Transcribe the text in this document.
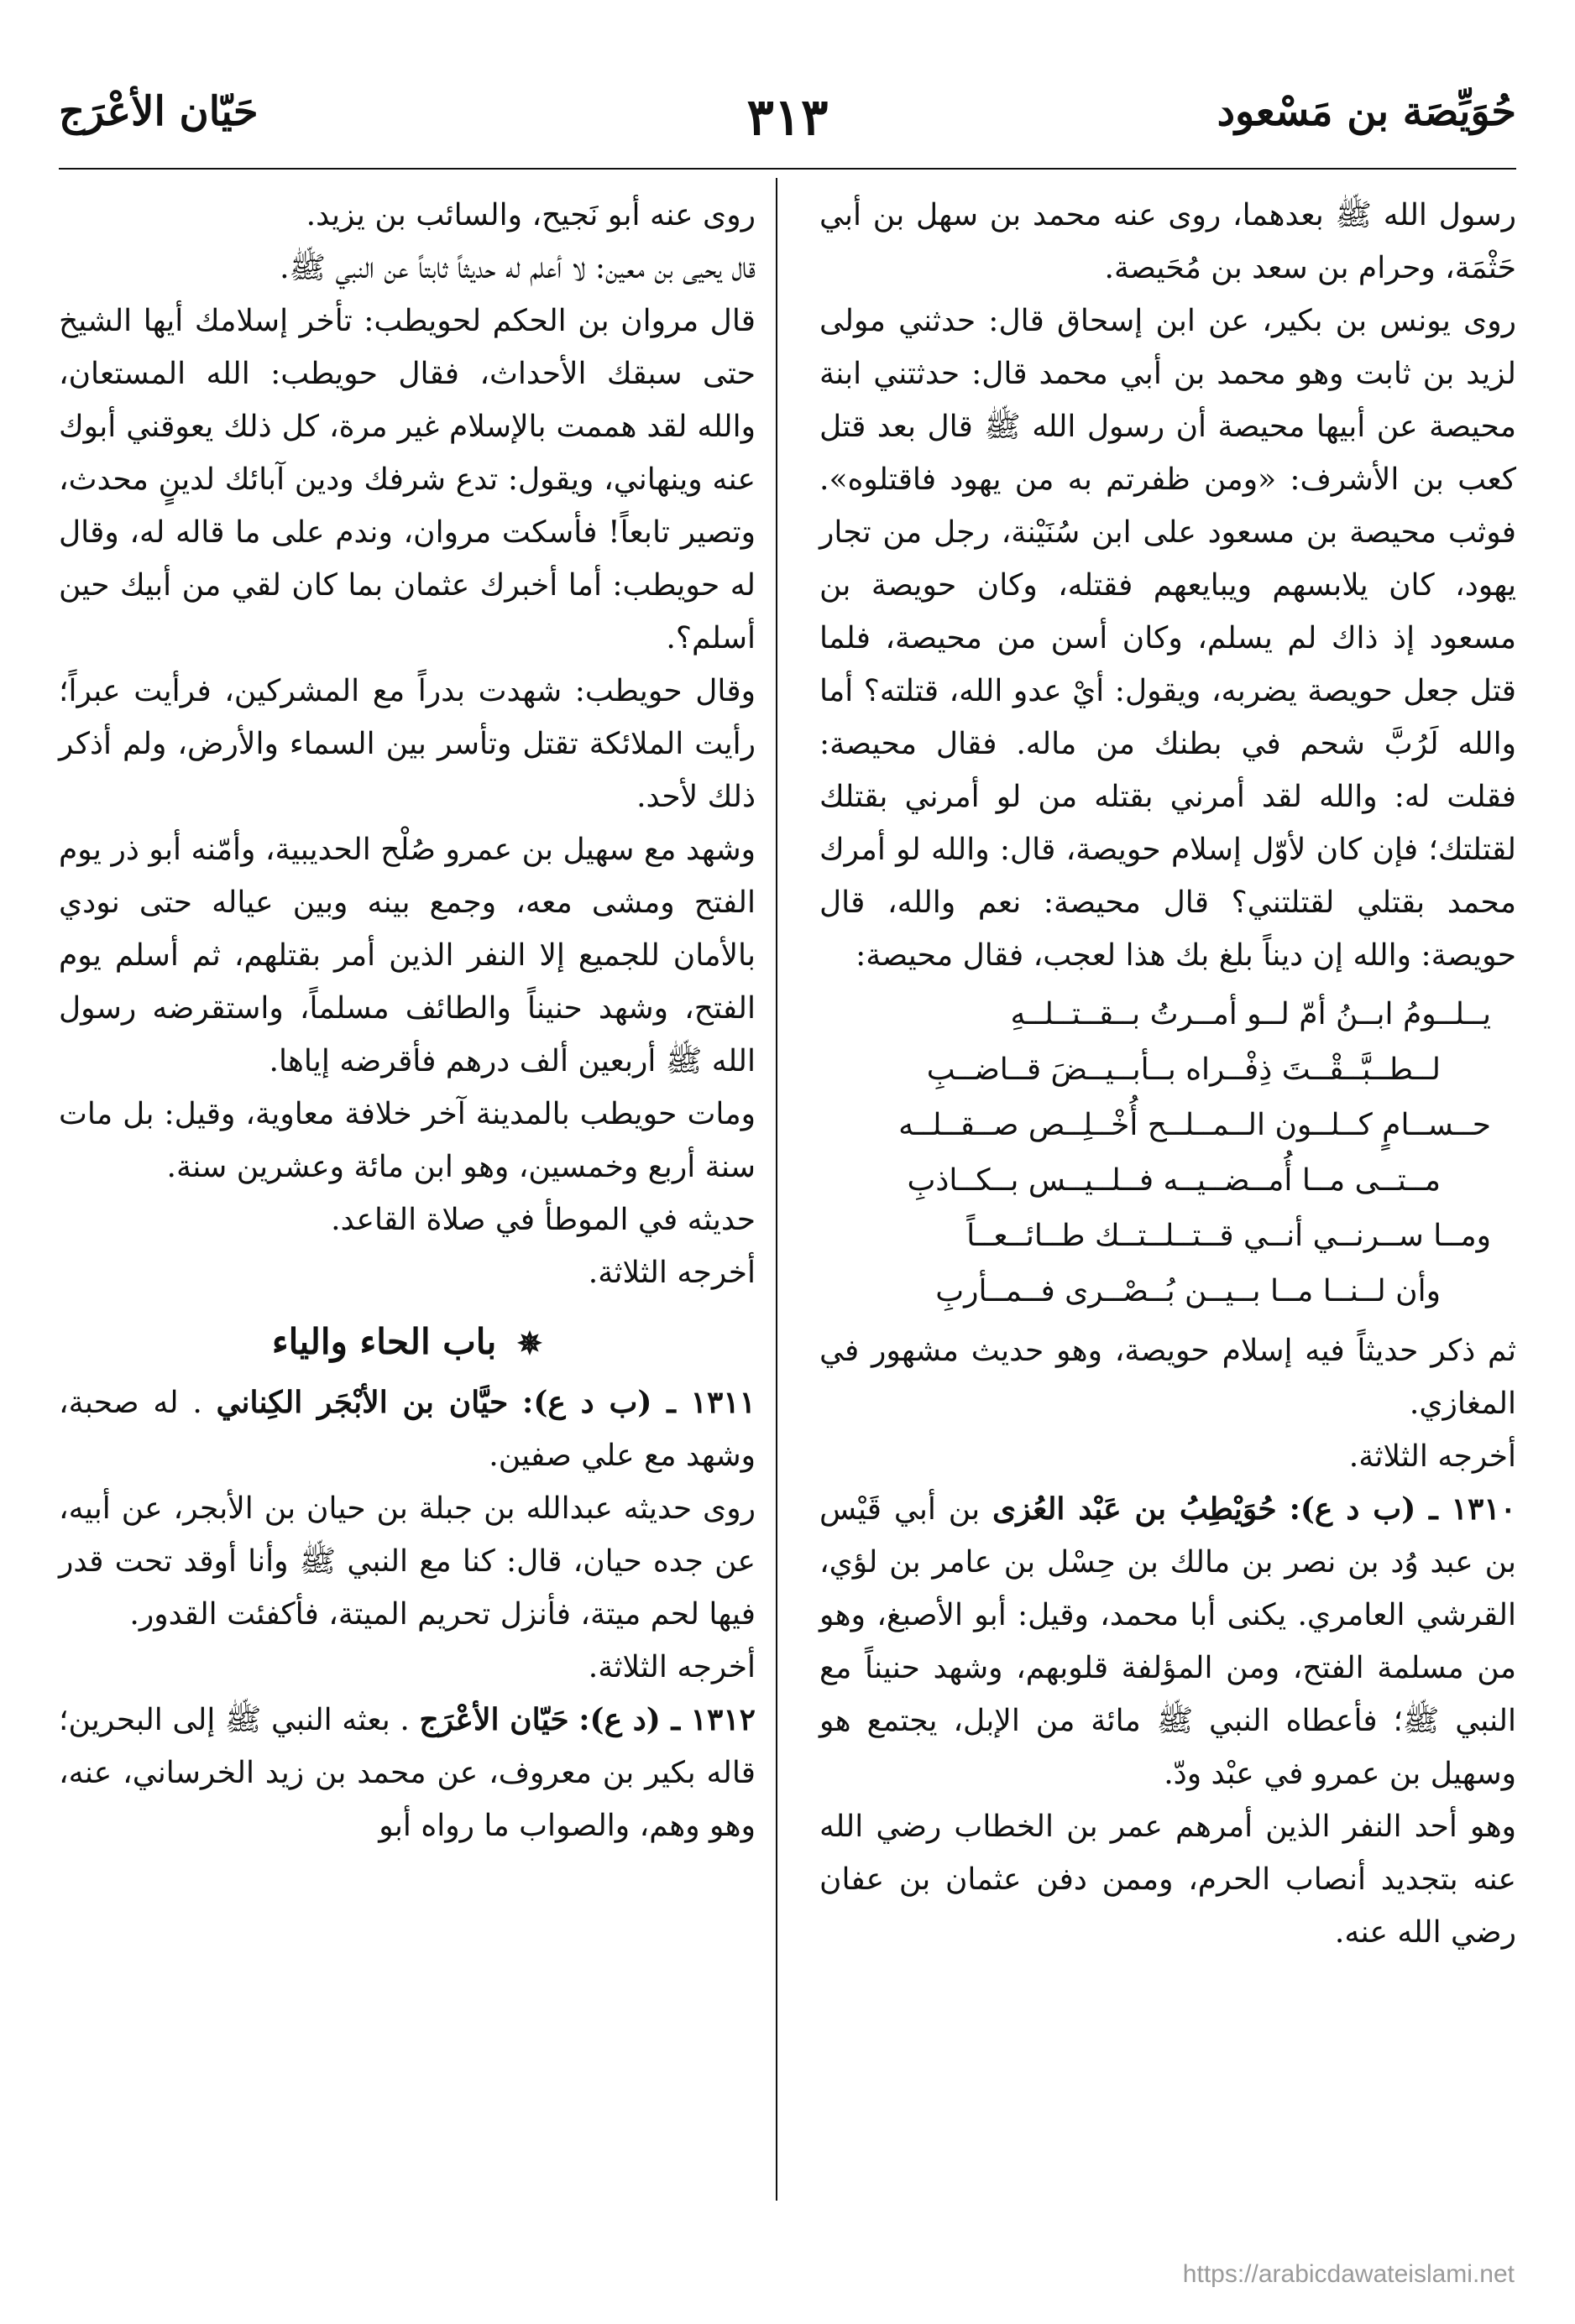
حُوَيِّصَة بن مَسْعود
٣١٣
حَيّان الأعْرَج

رسول الله ﷺ بعدهما، روى عنه محمد بن سهل بن أبي حَثْمَة، وحرام بن سعد بن مُحَيصة.

روى يونس بن بكير، عن ابن إسحاق قال: حدثني مولى لزيد بن ثابت وهو محمد بن أبي محمد قال: حدثتني ابنة محيصة عن أبيها محيصة أن رسول الله ﷺ قال بعد قتل كعب بن الأشرف: «ومن ظفرتم به من يهود فاقتلوه». فوثب محيصة بن مسعود على ابن سُنَيْنة، رجل من تجار يهود، كان يلابسهم ويبايعهم فقتله، وكان حويصة بن مسعود إذ ذاك لم يسلم، وكان أسن من محيصة، فلما قتل جعل حويصة يضربه، ويقول: أيْ عدو الله، قتلته؟ أما والله لَرُبَّ شحم في بطنك من ماله. فقال محيصة: فقلت له: والله لقد أمرني بقتله من لو أمرني بقتلك لقتلتك؛ فإن كان لأوّل إسلام حويصة، قال: والله لو أمرك محمد بقتلي لقتلتني؟ قال محيصة: نعم والله، قال حويصة: والله إن ديناً بلغ بك هذا لعجب، فقال محيصة:

يــلــومُ ابــنُ أمّ لــو أمــرتُ بــقــتــلــهِ
لــطــبَّــقْــتَ ذِفْــراه بــأبــيــضَ قــاضــبِ
حــســامٍ كــلــون الــمــلــح أُخْــلِــص صــقــلــه
مــتــى مــا أُمــضــيــه فــلــيــس بــكــاذبِ
ومــا ســرنــي أنــي قــتــلــتــك طــائــعــاً
وأن لــنــا مــا بــيــن بُــصْــرى فــمــأربِ

ثم ذكر حديثاً فيه إسلام حويصة، وهو حديث مشهور في المغازي.

أخرجه الثلاثة.

١٣١٠ ـ (ب د ع): حُوَيْطِبُ بن عَبْد العُزى بن أبي قَيْس بن عبد وُد بن نصر بن مالك بن حِسْل بن عامر بن لؤي، القرشي العامري. يكنى أبا محمد، وقيل: أبو الأصبغ، وهو من مسلمة الفتح، ومن المؤلفة قلوبهم، وشهد حنيناً مع النبي ﷺ؛ فأعطاه النبي ﷺ مائة من الإبل، يجتمع هو وسهيل بن عمرو في عبْد ودّ.

وهو أحد النفر الذين أمرهم عمر بن الخطاب رضي الله عنه بتجديد أنصاب الحرم، وممن دفن عثمان بن عفان رضي الله عنه.

روى عنه أبو نَجيح، والسائب بن يزيد.

قال يحيى بن معين: لا أعلم له حديثاً ثابتاً عن النبي ﷺ.

قال مروان بن الحكم لحويطب: تأخر إسلامك أيها الشيخ حتى سبقك الأحداث، فقال حويطب: الله المستعان، والله لقد هممت بالإسلام غير مرة، كل ذلك يعوقني أبوك عنه وينهاني، ويقول: تدع شرفك ودين آبائك لدينٍ محدث، وتصير تابعاً! فأسكت مروان، وندم على ما قاله له، وقال له حويطب: أما أخبرك عثمان بما كان لقي من أبيك حين أسلم؟.

وقال حويطب: شهدت بدراً مع المشركين، فرأيت عبراً؛ رأيت الملائكة تقتل وتأسر بين السماء والأرض، ولم أذكر ذلك لأحد.

وشهد مع سهيل بن عمرو صُلْح الحديبية، وأمّنه أبو ذر يوم الفتح ومشى معه، وجمع بينه وبين عياله حتى نودي بالأمان للجميع إلا النفر الذين أمر بقتلهم، ثم أسلم يوم الفتح، وشهد حنيناً والطائف مسلماً، واستقرضه رسول الله ﷺ أربعين ألف درهم فأقرضه إياها.

ومات حويطب بالمدينة آخر خلافة معاوية، وقيل: بل مات سنة أربع وخمسين، وهو ابن مائة وعشرين سنة.

حديثه في الموطأ في صلاة القاعد.

أخرجه الثلاثة.

✵ باب الحاء والياء

١٣١١ ـ (ب د ع): حيَّان بن الأبْجَر الكِناني . له صحبة، وشهد مع علي صفين.

روى حديثه عبدالله بن جبلة بن حيان بن الأبجر، عن أبيه، عن جده حيان، قال: كنا مع النبي ﷺ وأنا أوقد تحت قدر فيها لحم ميتة، فأنزل تحريم الميتة، فأكفئت القدور.

أخرجه الثلاثة.

١٣١٢ ـ (د ع): حَيّان الأعْرَج . بعثه النبي ﷺ إلى البحرين؛ قاله بكير بن معروف، عن محمد بن زيد الخرساني، عنه، وهو وهم، والصواب ما رواه أبو

https://arabicdawateislami.net
